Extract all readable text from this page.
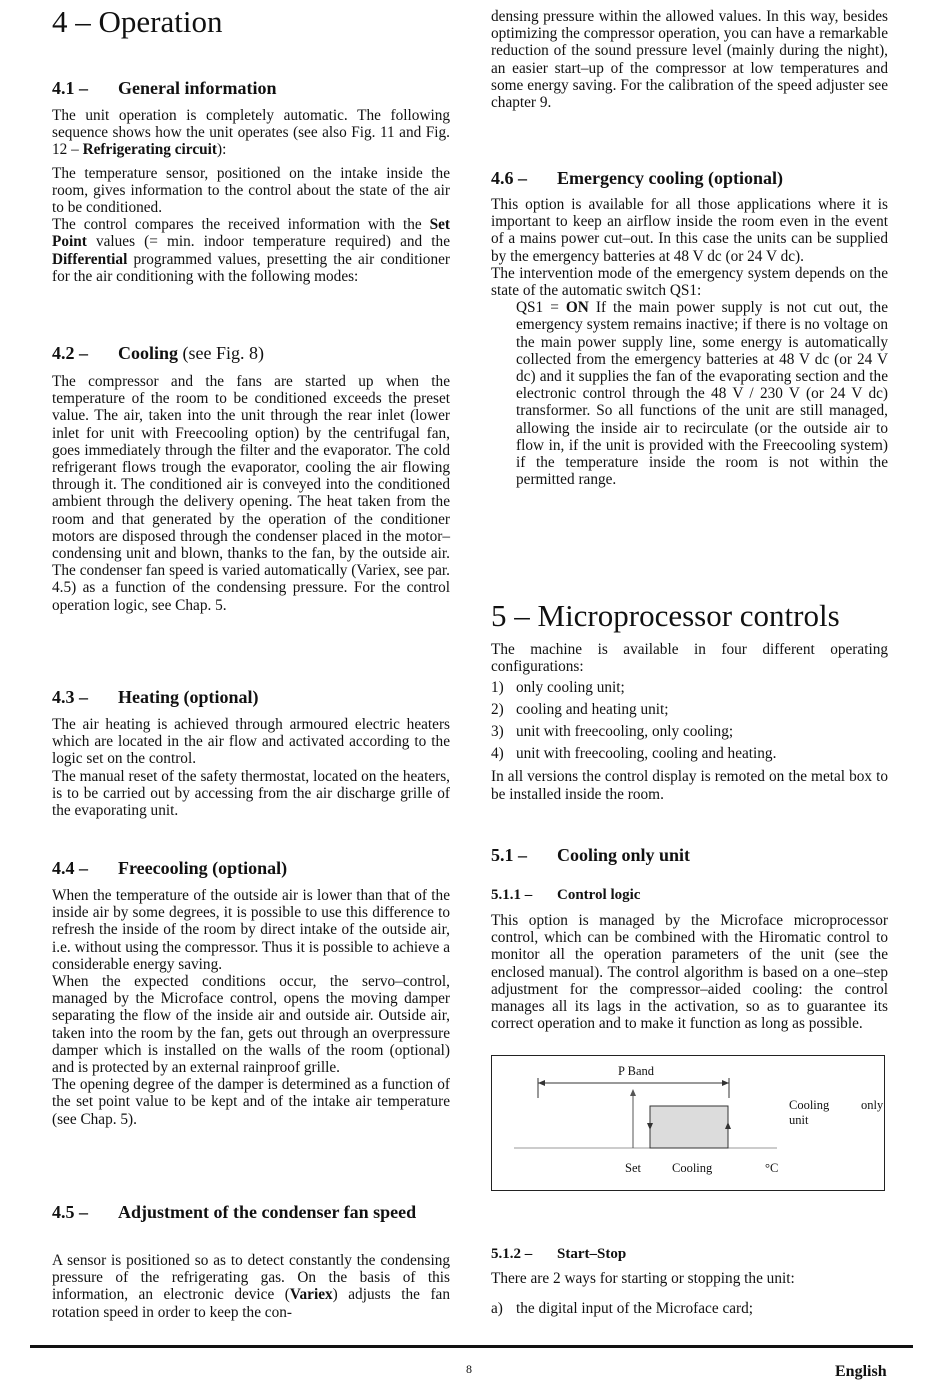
4 – Operation
4.1 –	General information

The unit operation is completely automatic. The following sequence shows how the unit operates (see also Fig. 11 and Fig. 12 – Refrigerating circuit):

The temperature sensor, positioned on the intake inside the room, gives information to the control about the state of the air to be conditioned.

The control compares the received information with the Set Point values (= min. indoor temperature required) and the Differential programmed values, presetting the air conditioner for the air conditioning with the following modes:

4.2 –	Cooling (see Fig. 8)

The compressor and the fans are started up when the temperature of the room to be conditioned exceeds the preset value. The air, taken into the unit through the rear inlet (lower inlet for unit with Freecooling option) by the centrifugal fan, goes immediately through the filter and the evaporator. The cold refrigerant flows trough the evaporator, cooling the air flowing through it. The conditioned air is conveyed into the conditioned ambient through the delivery opening. The heat taken from the room and that generated by the operation of the conditioner motors are disposed through the condenser placed in the motor–condensing unit and blown, thanks to the fan, by the outside air. The condenser fan speed is varied automatically (Variex, see par. 4.5) as a function of the condensing pressure. For the control operation logic, see Chap. 5.

4.3 –	Heating (optional)

The air heating is achieved through armoured electric heaters which are located in the air flow and activated according to the logic set on the control.

The manual reset of the safety thermostat, located on the heaters, is to be carried out by accessing from the air discharge grille of the evaporating unit.

4.4 –	Freecooling (optional)

When the temperature of the outside air is lower than that of the inside air by some degrees, it is possible to use this difference to refresh the inside of the room by direct intake of the outside air, i.e. without using the compressor. Thus it is possible to achieve a considerable energy saving.

When the expected conditions occur, the servo–control, managed by the Microface control, opens the moving damper separating the flow of the inside air and outside air. Outside air, taken into the room by the fan, gets out through an overpressure damper which is installed on the walls of the room (optional) and is protected by an external rainproof grille.

The opening degree of the damper is determined as a function of the set point value to be kept and of the intake air temperature (see Chap. 5).

4.5 –	Adjustment of the condenser fan speed

A sensor is positioned so as to detect constantly the condensing pressure of the refrigerating gas. On the basis of this information, an electronic device (Variex) adjusts the fan rotation speed in order to keep the con-

densing pressure within the allowed values. In this way, besides optimizing the compressor operation, you can have a remarkable reduction of the sound pressure level (mainly during the night), an easier start–up of the compressor at low temperatures and some energy saving. For the calibration of the speed adjuster see chapter 9.

4.6 –	Emergency cooling (optional)

This option is available for all those applications where it is important to keep an airflow inside the room even in the event of a mains power cut–out. In this case the units can be supplied by the emergency batteries at 48 V dc (or 24 V dc).

The intervention mode of the emergency system depends on the state of the automatic switch QS1:

QS1 = ON If the main power supply is not cut out, the emergency system remains inactive; if there is no voltage on the main power supply line, some energy is automatically collected from the emergency batteries at 48 V dc (or 24 V dc) and it supplies the fan of the evaporating section and the electronic control through the 48 V / 230 V (or 24 V dc) transformer. So all functions of the unit are still managed, allowing the inside air to recirculate (or the outside air to flow in, if the unit is provided with the Freecooling system) if the temperature inside the room is not within the permitted range.

5 – Microprocessor controls

The machine is available in four different operating configurations:

1) only cooling unit;
2) cooling and heating unit;
3) unit with freecooling, only cooling;
4) unit with freecooling, cooling and heating.

In all versions the control display is remoted on the metal box to be installed inside the room.

5.1 –	Cooling only unit
5.1.1 –	Control logic

This option is managed by the Microface microprocessor control, which can be combined with the Hiromatic control to monitor all the operation parameters of the unit (see the enclosed manual). The control algorithm is based on a one–step adjustment for the compressor–aided cooling: the control manages all its lags in the activation, so as to guarantee its correct operation and to make it function as long as possible.

5.1.2 –	Start–Stop

There are 2 ways for starting or stopping the unit:

a) the digital input of the Microface card;
P Band
Cooling	only
unit
Set Cooling	°C
8	English
